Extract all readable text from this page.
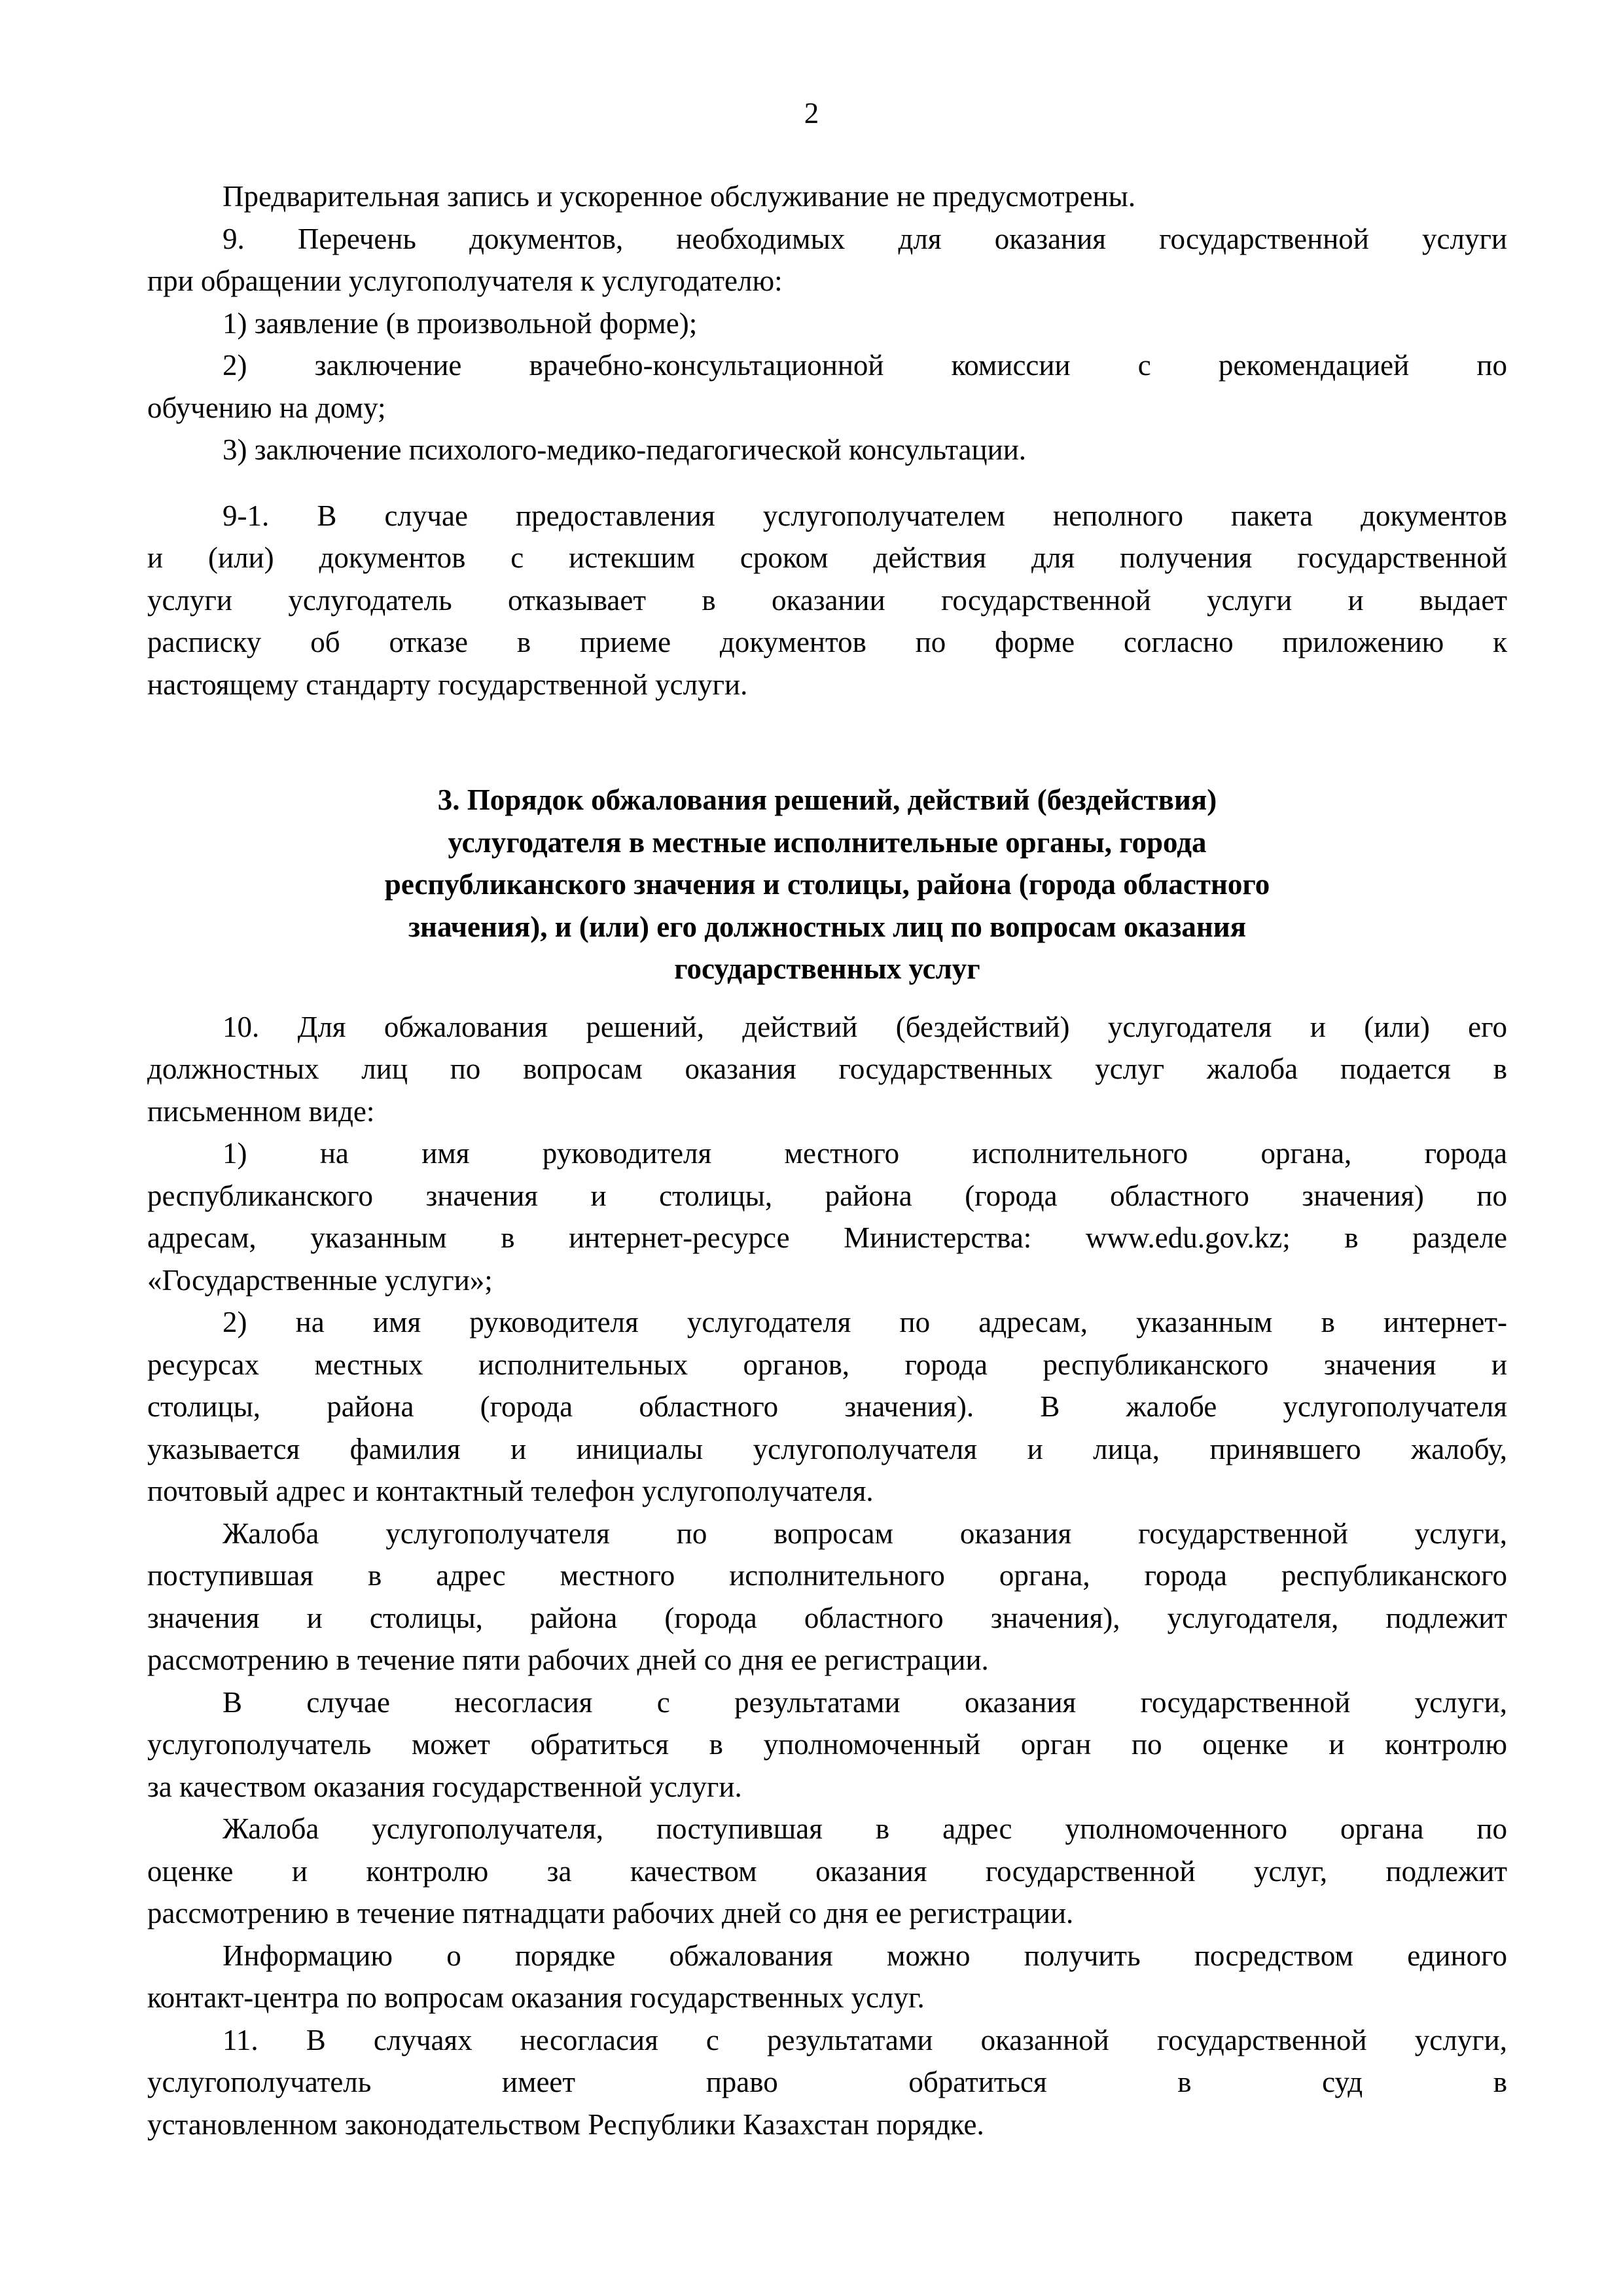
2
Предварительная запись и ускоренное обслуживание не предусмотрены.
9. Перечень документов, необходимых для оказания государственной услуги
при обращении услугополучателя к услугодателю:
1) заявление (в произвольной форме);
2) заключение врачебно-консультационной комиссии с рекомендацией по
обучению на дому;
3) заключение психолого-медико-педагогической консультации.
9-1. В случае предоставления услугополучателем неполного пакета документов
и (или) документов с истекшим сроком действия для получения государственной
услуги услугодатель отказывает в оказании государственной услуги и выдает
расписку об отказе в приеме документов по форме согласно приложению к
настоящему стандарту государственной услуги.
3. Порядок обжалования решений, действий (бездействия)
услугодателя в местные исполнительные органы, города
республиканского значения и столицы, района (города областного
значения), и (или) его должностных лиц по вопросам оказания
государственных услуг
10. Для обжалования решений, действий (бездействий) услугодателя и (или) его
должностных лиц по вопросам оказания государственных услуг жалоба подается в
письменном виде:
1) на имя руководителя местного исполнительного органа, города
республиканского значения и столицы, района (города областного значения) по
адресам, указанным в интернет-ресурсе Министерства: www.edu.gov.kz; в разделе
«Государственные услуги»;
2) на имя руководителя услугодателя по адресам, указанным в интернет-
ресурсах местных исполнительных органов, города республиканского значения и
столицы, района (города областного значения). В жалобе услугополучателя
указывается фамилия и инициалы услугополучателя и лица, принявшего жалобу,
почтовый адрес и контактный телефон услугополучателя.
Жалоба услугополучателя по вопросам оказания государственной услуги,
поступившая в адрес местного исполнительного органа, города республиканского
значения и столицы, района (города областного значения), услугодателя, подлежит
рассмотрению в течение пяти рабочих дней со дня ее регистрации.
В случае несогласия с результатами оказания государственной услуги,
услугополучатель может обратиться в уполномоченный орган по оценке и контролю
за качеством оказания государственной услуги.
Жалоба услугополучателя, поступившая в адрес уполномоченного органа по
оценке и контролю за качеством оказания государственной услуг, подлежит
рассмотрению в течение пятнадцати рабочих дней со дня ее регистрации.
Информацию о порядке обжалования можно получить посредством единого
контакт-центра по вопросам оказания государственных услуг.
11. В случаях несогласия с результатами оказанной государственной услуги,
услугополучатель имеет право обратиться в суд в
установленном законодательством Республики Казахстан порядке.
